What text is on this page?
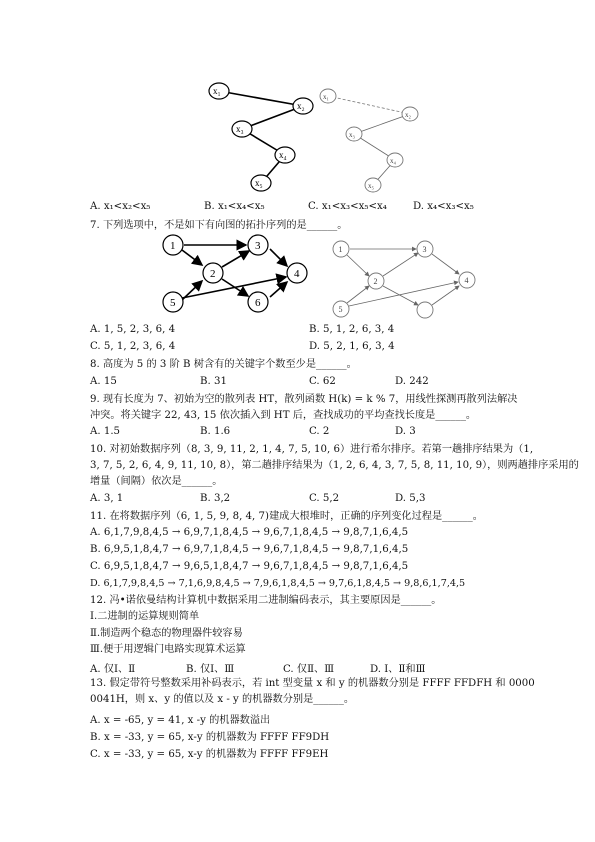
x₁
x₂
x₃
x₄
x₅
x₁
x₂
x₃
x₄
x₅
A. x₁<x₂<x₅	B. x₁<x₄<x₅	C. x₁<x₃<x₅<x₄	D. x₄<x₃<x₅
7. 下列选项中，不是如下有向图的拓扑序列的是______。
1
2
3
4
5	6
1
2
3
4
5
A. 1, 5, 2, 3, 6, 4	B. 5, 1, 2, 6, 3, 4
C. 5, 1, 2, 3, 6, 4	D. 5, 2, 1, 6, 3, 4
8. 高度为 5 的 3 阶 B 树含有的关键字个数至少是______。
A. 15	B. 31	C. 62	D. 242
9. 现有长度为 7、初始为空的散列表 HT，散列函数 H(k) = k % 7，用线性探测再散列法解决
冲突。将关键字 22, 43, 15 依次插入到 HT 后，查找成功的平均查找长度是______。
A. 1.5	B. 1.6	C. 2	D. 3
10. 对初始数据序列（8, 3, 9, 11, 2, 1, 4, 7, 5, 10, 6）进行希尔排序。若第一趟排序结果为（1,
3, 7, 5, 2, 6, 4, 9, 11, 10, 8），第二趟排序结果为（1, 2, 6, 4, 3, 7, 5, 8, 11, 10, 9），则两趟排序采用的
增量（间隔）依次是______。
A. 3, 1	B. 3,2	C. 5,2	D. 5,3
11. 在将数据序列（6, 1, 5, 9, 8, 4, 7)建成大根堆时，正确的序列变化过程是______。
A. 6,1,7,9,8,4,5 → 6,9,7,1,8,4,5 → 9,6,7,1,8,4,5 → 9,8,7,1,6,4,5
B. 6,9,5,1,8,4,7 → 6,9,7,1,8,4,5 → 9,6,7,1,8,4,5 → 9,8,7,1,6,4,5
C. 6,9,5,1,8,4,7 → 9,6,5,1,8,4,7 → 9,6,7,1,8,4,5 → 9,8,7,1,6,4,5
D. 6,1,7,9,8,4,5 → 7,1,6,9,8,4,5 → 7,9,6,1,8,4,5 → 9,7,6,1,8,4,5 → 9,8,6,1,7,4,5
12. 冯•诺依曼结构计算机中数据采用二进制编码表示，其主要原因是______。
Ⅰ.二进制的运算规则简单
Ⅱ.制造两个稳态的物理器件较容易
Ⅲ.便于用逻辑门电路实现算术运算
A. 仅Ⅰ、Ⅱ	B. 仅Ⅰ、Ⅲ	C. 仅Ⅱ、Ⅲ	D. Ⅰ、Ⅱ和Ⅲ
13. 假定带符号整数采用补码表示，若 int 型变量 x 和 y 的机器数分别是 FFFF FFDFH 和 0000
0041H，则 x、y 的值以及 x - y 的机器数分别是______。
A. x = -65, y = 41, x -y 的机器数溢出
B. x = -33, y = 65, x-y 的机器数为 FFFF FF9DH
C. x = -33, y = 65, x-y 的机器数为 FFFF FF9EH
